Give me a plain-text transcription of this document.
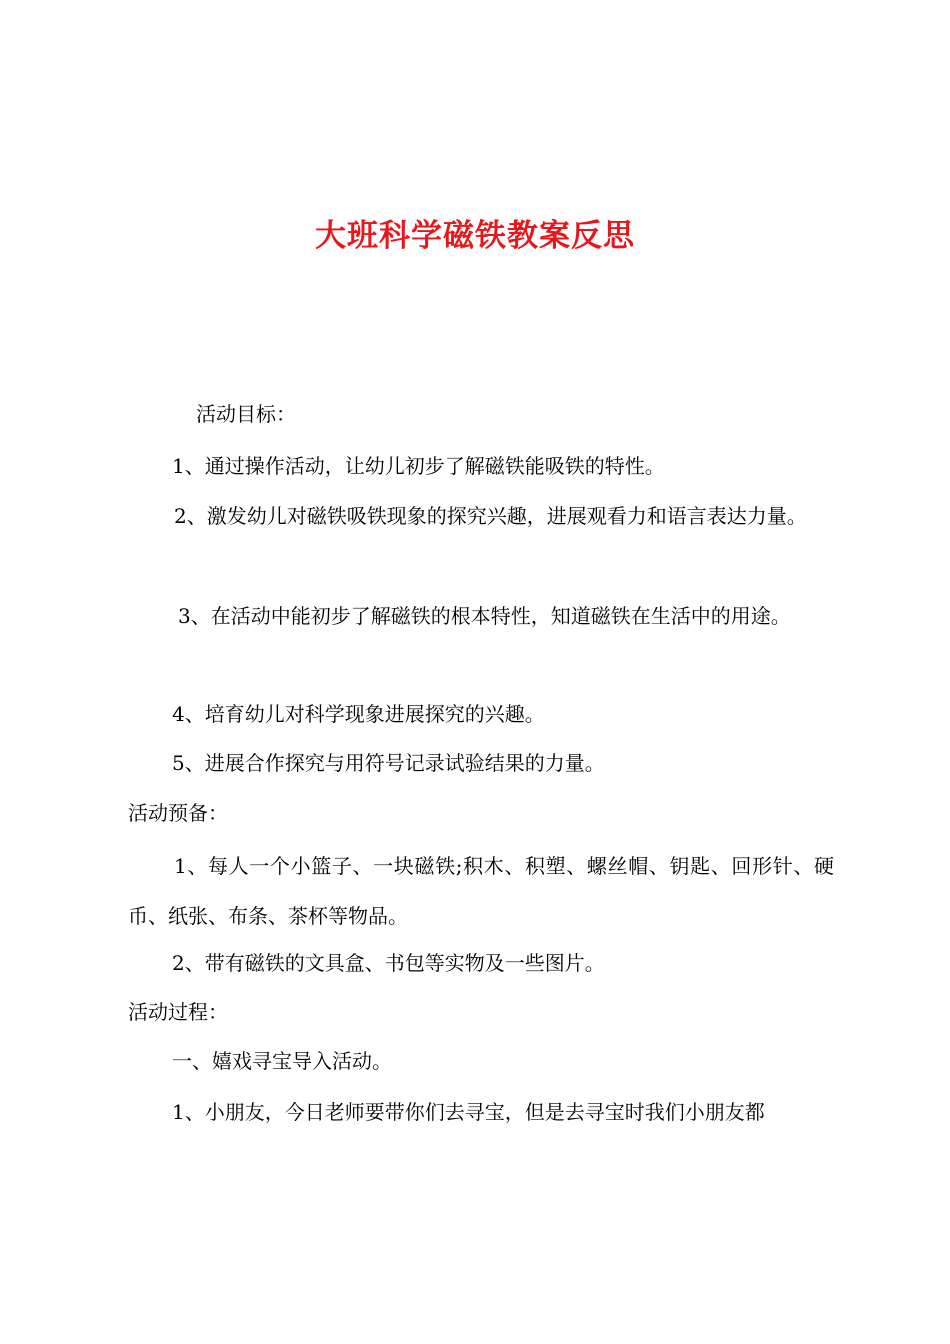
大班科学磁铁教案反思
活动目标：
1、通过操作活动，让幼儿初步了解磁铁能吸铁的特性。
2、激发幼儿对磁铁吸铁现象的探究兴趣，进展观看力和语言表达力量。
3、在活动中能初步了解磁铁的根本特性，知道磁铁在生活中的用途。
4、培育幼儿对科学现象进展探究的兴趣。
5、进展合作探究与用符号记录试验结果的力量。
活动预备：
1、每人一个小篮子、一块磁铁;积木、积塑、螺丝帽、钥匙、回形针、硬币、纸张、布条、茶杯等物品。
2、带有磁铁的文具盒、书包等实物及一些图片。
活动过程：
一、嬉戏寻宝导入活动。
1、小朋友，今日老师要带你们去寻宝，但是去寻宝时我们小朋友都
